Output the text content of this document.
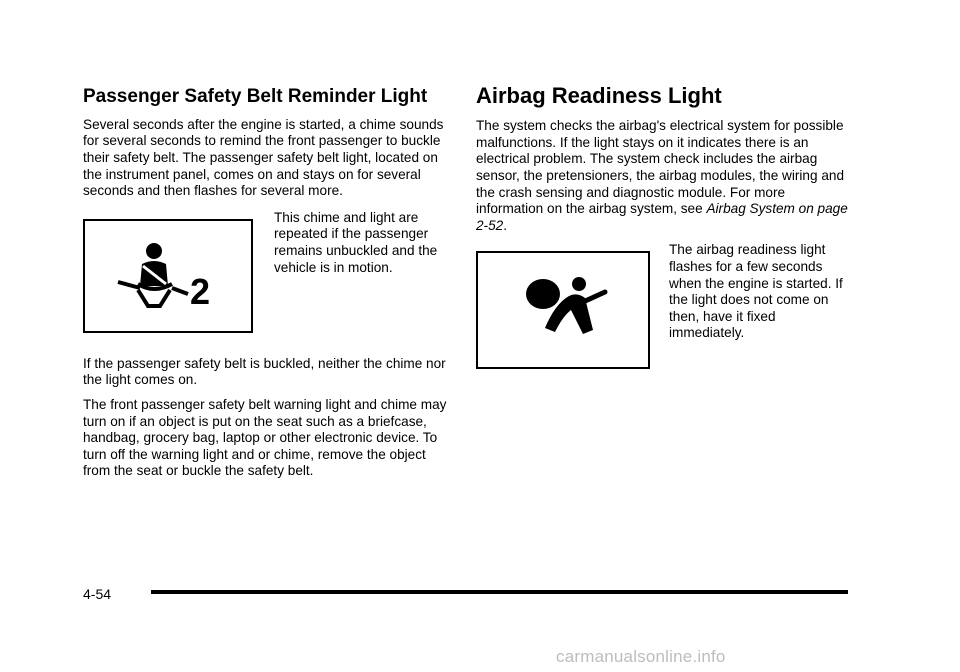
Passenger Safety Belt Reminder Light

Several seconds after the engine is started, a chime sounds for several seconds to remind the front passenger to buckle their safety belt. The passenger safety belt light, located on the instrument panel, comes on and stays on for several seconds and then flashes for several more.

2

This chime and light are repeated if the passenger remains unbuckled and the vehicle is in motion.

If the passenger safety belt is buckled, neither the chime nor the light comes on.

The front passenger safety belt warning light and chime may turn on if an object is put on the seat such as a briefcase, handbag, grocery bag, laptop or other electronic device. To turn off the warning light and or chime, remove the object from the seat or buckle the safety belt.

Airbag Readiness Light

The system checks the airbag's electrical system for possible malfunctions. If the light stays on it indicates there is an electrical problem. The system check includes the airbag sensor, the pretensioners, the airbag modules, the wiring and the crash sensing and diagnostic module. For more information on the airbag system, see Airbag System on page 2-52.

The airbag readiness light flashes for a few seconds when the engine is started. If the light does not come on then, have it fixed immediately.

4-54
carmanualsonline.info
